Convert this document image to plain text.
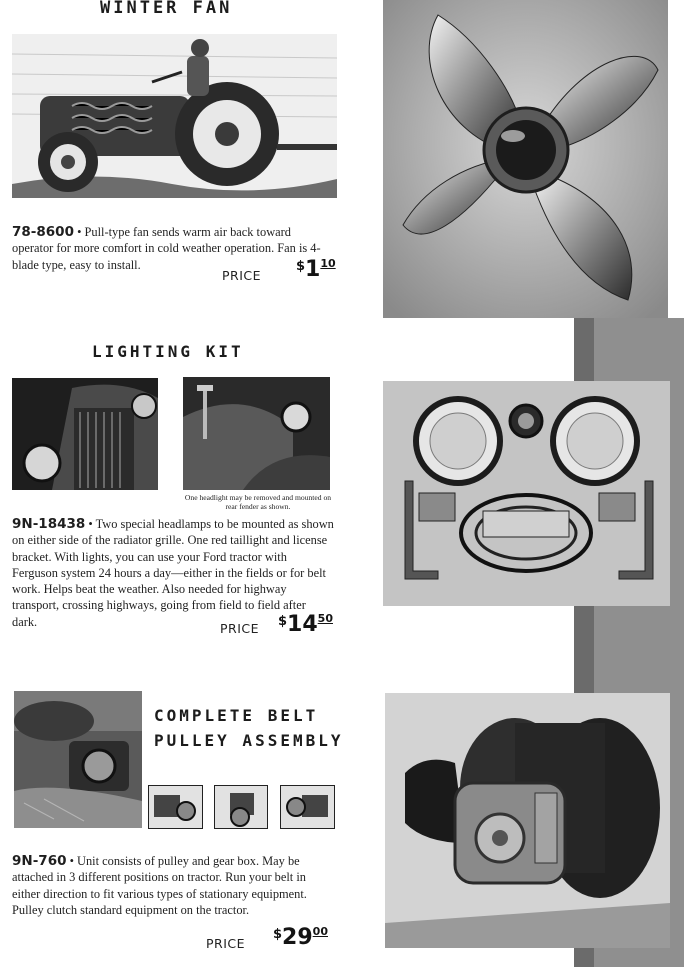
WINTER FAN

78-8600 • Pull-type fan sends warm air back toward operator for more comfort in cold weather operation. Fan is 4-blade type, easy to install.

PRICE
$^{\$}1^{10}$
LIGHTING KIT
One headlight may be removed and mounted on rear fender as shown.

9N-18438 • Two special headlamps to be mounted as shown on either side of the radiator grille. One red taillight and license bracket. With lights, you can use your Ford tractor with Ferguson system 24 hours a day—either in the fields or for belt work. Helps beat the weather. Also needed for highway transport, crossing highways, going from field to field after dark.	PRICE $^{\$}14^{50}$
COMPLETE BELT
PULLEY ASSEMBLY

9N-760 • Unit consists of pulley and gear box. May be attached in 3 different positions on tractor. Run your belt in either direction to fit various types of stationary equipment. Pulley clutch standard equipment on the tractor.

PRICE
$^{\$}29^{00}$
